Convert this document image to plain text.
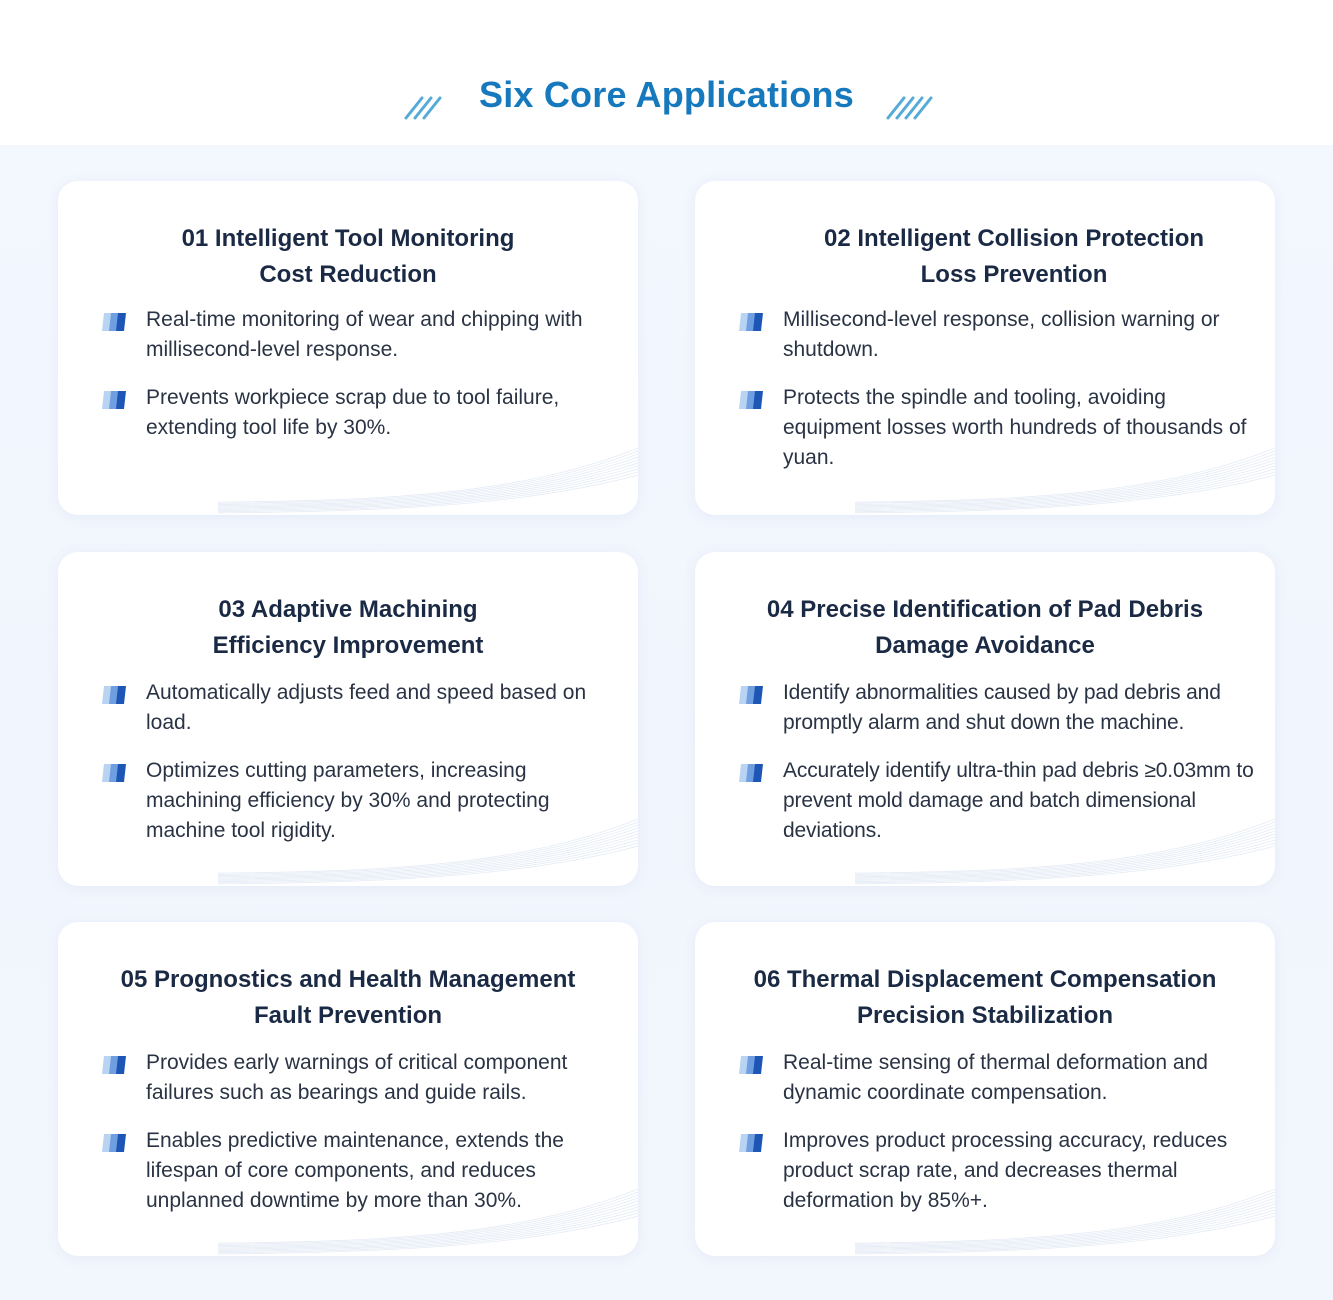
Six Core Applications
01 Intelligent Tool Monitoring
Cost Reduction
Real-time monitoring of wear and chipping with millisecond-level response.
Prevents workpiece scrap due to tool failure, extending tool life by 30%.
02 Intelligent Collision Protection
Loss Prevention
Millisecond-level response, collision warning or shutdown.
Protects the spindle and tooling, avoiding equipment losses worth hundreds of thousands of yuan.
03 Adaptive Machining
Efficiency Improvement
Automatically adjusts feed and speed based on load.
Optimizes cutting parameters, increasing machining efficiency by 30% and protecting machine tool rigidity.
04 Precise Identification of Pad Debris
Damage Avoidance
Identify abnormalities caused by pad debris and promptly alarm and shut down the machine.
Accurately identify ultra-thin pad debris ≥0.03mm to prevent mold damage and batch dimensional deviations.
05 Prognostics and Health Management
Fault Prevention
Provides early warnings of critical component failures such as bearings and guide rails.
Enables predictive maintenance, extends the lifespan of core components, and reduces unplanned downtime by more than 30%.
06 Thermal Displacement Compensation
Precision Stabilization
Real-time sensing of thermal deformation and dynamic coordinate compensation.
Improves product processing accuracy, reduces product scrap rate, and decreases thermal deformation by 85%+.
